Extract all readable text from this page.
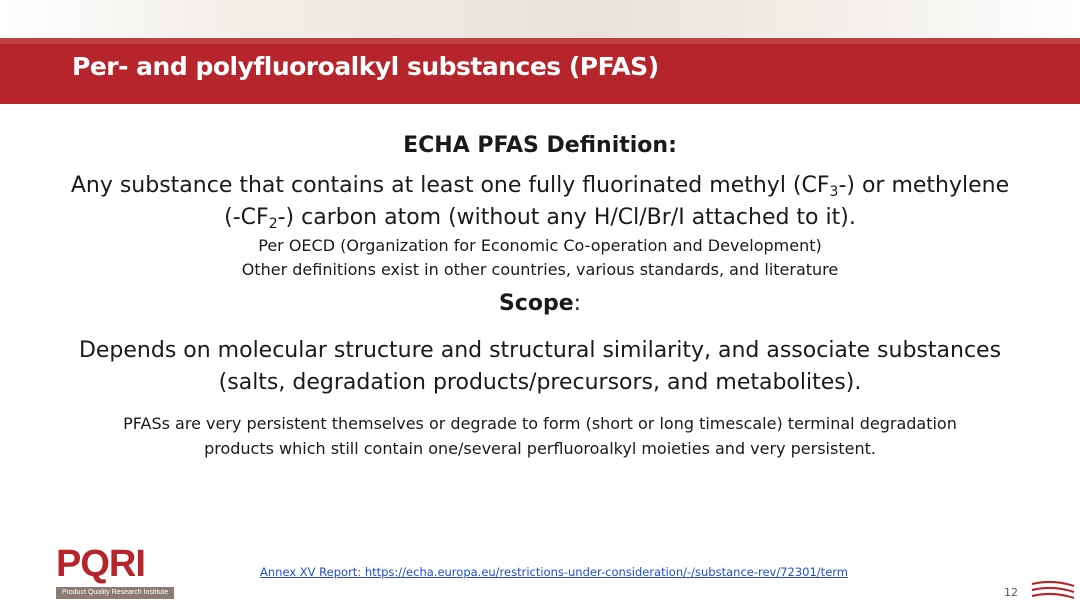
Per- and polyfluoroalkyl substances (PFAS)
ECHA PFAS Definition:
Any substance that contains at least one fully fluorinated methyl $(CF_3-)$ or methylene
$(-CF_2-)$ carbon atom (without any H/Cl/Br/I attached to it).
Per OECD (Organization for Economic Co-operation and Development)
Other definitions exist in other countries, various standards, and literature
Scope:
Depends on molecular structure and structural similarity, and associate substances
(salts, degradation products/precursors, and metabolites).
PFASs are very persistent themselves or degrade to form (short or long timescale) terminal degradation
products which still contain one/several perfluoroalkyl moieties and very persistent.
PQRI
Product Quality Research Institute
Annex XV Report: https://echa.europa.eu/restrictions-under-consideration/-/substance-rev/72301/term
12
